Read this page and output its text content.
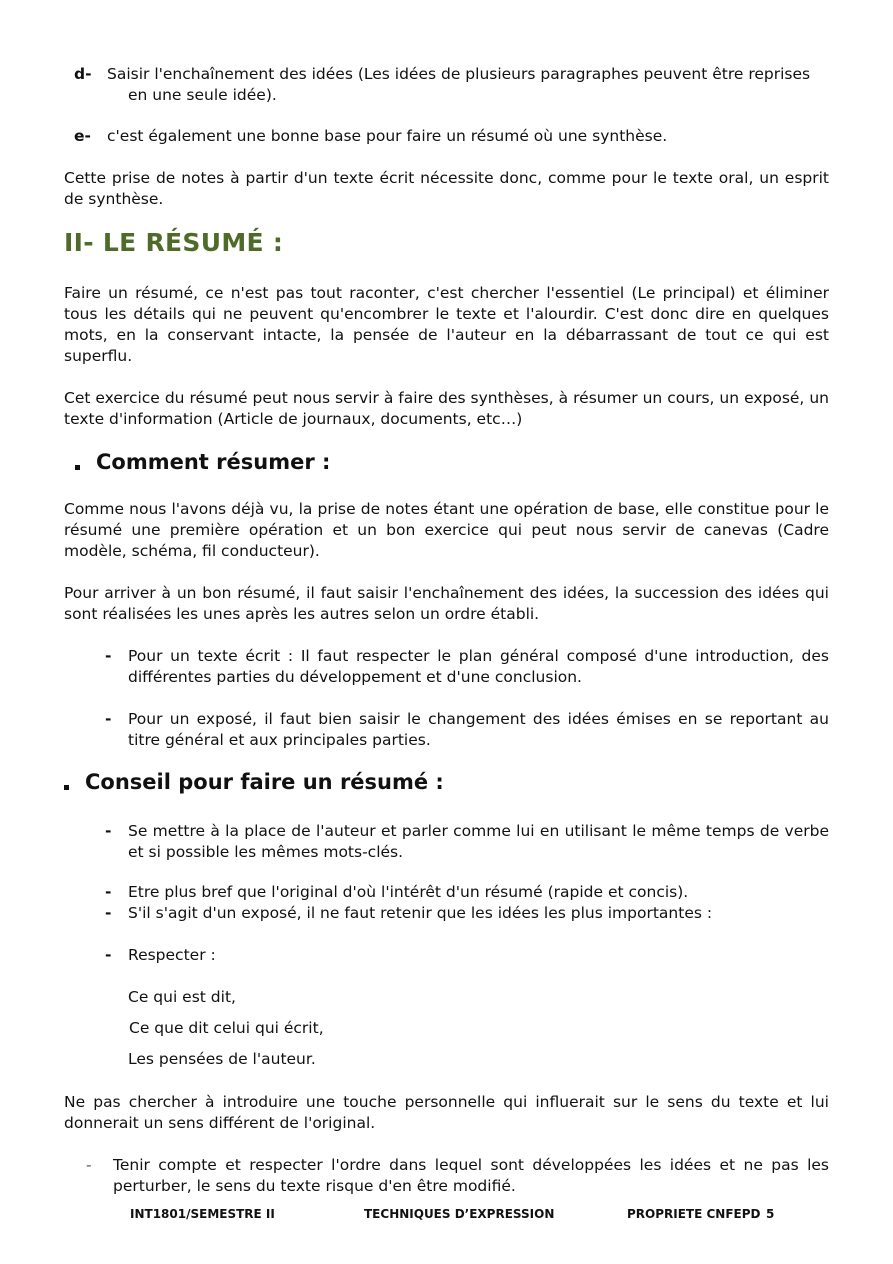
d- Saisir l'enchaînement des idées (Les idées de plusieurs paragraphes peuvent être reprises
en une seule idée).
e- c'est également une bonne base pour faire un résumé où une synthèse.

Cette prise de notes à partir d'un texte écrit nécessite donc, comme pour le texte oral, un esprit de synthèse.

II- LE RÉSUMÉ :

Faire un résumé, ce n'est pas tout raconter, c'est chercher l'essentiel (Le principal) et éliminer tous les détails qui ne peuvent qu'encombrer le texte et l'alourdir. C'est donc dire en quelques mots, en la conservant intacte, la pensée de l'auteur en la débarrassant de tout ce qui est superflu.

Cet exercice du résumé peut nous servir à faire des synthèses, à résumer un cours, un exposé, un texte d'information (Article de journaux, documents, etc…)

Comment résumer :

Comme nous l'avons déjà vu, la prise de notes étant une opération de base, elle constitue pour le résumé une première opération et un bon exercice qui peut nous servir de canevas (Cadre modèle, schéma, fil conducteur).

Pour arriver à un bon résumé, il faut saisir l'enchaînement des idées, la succession des idées qui sont réalisées les unes après les autres selon un ordre établi.

- Pour un texte écrit : Il faut respecter le plan général composé d'une introduction, des différentes parties du développement et d'une conclusion.

- Pour un exposé, il faut bien saisir le changement des idées émises en se reportant au titre général et aux principales parties.

Conseil pour faire un résumé :
- Se mettre à la place de l'auteur et parler comme lui en utilisant le même temps de verbe et si possible les mêmes mots-clés.

- Etre plus bref que l'original d'où l'intérêt d'un résumé (rapide et concis).

- S'il s'agit d'un exposé, il ne faut retenir que les idées les plus importantes :

- Respecter :

Ce qui est dit,
Ce que dit celui qui écrit,
Les pensées de l'auteur.

Ne pas chercher à introduire une touche personnelle qui influerait sur le sens du texte et lui donnerait un sens différent de l'original.

- Tenir compte et respecter l'ordre dans lequel sont développées les idées et ne pas les perturber, le sens du texte risque d'en être modifié.

INT1801/SEMESTRE II	TECHNIQUES D’EXPRESSION	PROPRIETE CNFEPD 5
